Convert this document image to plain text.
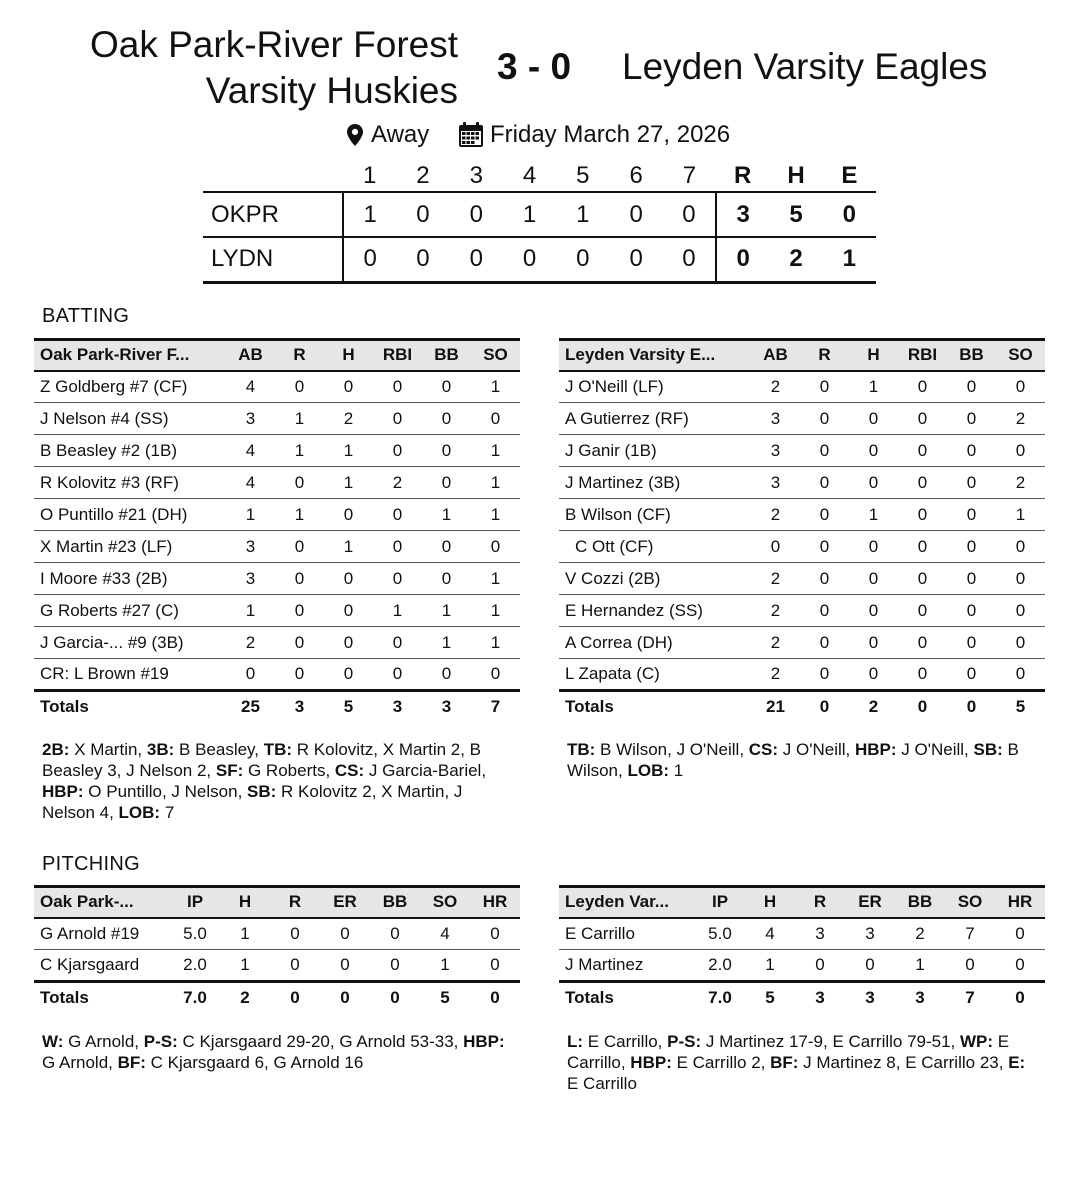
Oak Park-River Forest
Varsity Huskies
3 - 0 Leyden Varsity Eagles
Away	Friday March 27, 2026
	1	2	3	4	5	6	7	R	H	E
OKPR	1	0	0	1	1	0	0	3	5	0
LYDN	0	0	0	0	0	0	0	0	2	1
BATTING
Oak Park-River F...	AB	R	H	RBI	BB	SO
Z Goldberg #7 (CF)	4	0	0	0	0	1
J Nelson #4 (SS)	3	1	2	0	0	0
B Beasley #2 (1B)	4	1	1	0	0	1
R Kolovitz #3 (RF)	4	0	1	2	0	1
O Puntillo #21 (DH)	1	1	0	0	1	1
X Martin #23 (LF)	3	0	1	0	0	0
I Moore #33 (2B)	3	0	0	0	0	1
G Roberts #27 (C)	1	0	0	1	1	1
J Garcia-... #9 (3B)	2	0	0	0	1	1
CR: L Brown #19	0	0	0	0	0	0
Totals	25	3	5	3	3	7
Leyden Varsity E...	AB	R	H	RBI	BB	SO
J O'Neill (LF)	2	0	1	0	0	0
A Gutierrez (RF)	3	0	0	0	0	2
J Ganir (1B)	3	0	0	0	0	0
J Martinez (3B)	3	0	0	0	0	2
B Wilson (CF)	2	0	1	0	0	1
C Ott (CF)	0	0	0	0	0	0
V Cozzi (2B)	2	0	0	0	0	0
E Hernandez (SS)	2	0	0	0	0	0
A Correa (DH)	2	0	0	0	0	0
L Zapata (C)	2	0	0	0	0	0
Totals	21	0	2	0	0	5
2B: X Martin, 3B: B Beasley, TB: R Kolovitz, X Martin 2, B Beasley 3, J Nelson 2, SF: G Roberts, CS: J Garcia-Bariel, HBP: O Puntillo, J Nelson, SB: R Kolovitz 2, X Martin, J Nelson 4, LOB: 7
TB: B Wilson, J O'Neill, CS: J O'Neill, HBP: J O'Neill, SB: B Wilson, LOB: 1
PITCHING
Oak Park-...	IP	H	R	ER	BB	SO	HR
G Arnold #19	5.0	1	0	0	0	4	0
C Kjarsgaard	2.0	1	0	0	0	1	0
Totals	7.0	2	0	0	0	5	0
Leyden Var...	IP	H	R	ER	BB	SO	HR
E Carrillo	5.0	4	3	3	2	7	0
J Martinez	2.0	1	0	0	1	0	0
Totals	7.0	5	3	3	3	7	0
W: G Arnold, P-S: C Kjarsgaard 29-20, G Arnold 53-33, HBP: G Arnold, BF: C Kjarsgaard 6, G Arnold 16
L: E Carrillo, P-S: J Martinez 17-9, E Carrillo 79-51, WP: E Carrillo, HBP: E Carrillo 2, BF: J Martinez 8, E Carrillo 23, E: E Carrillo
